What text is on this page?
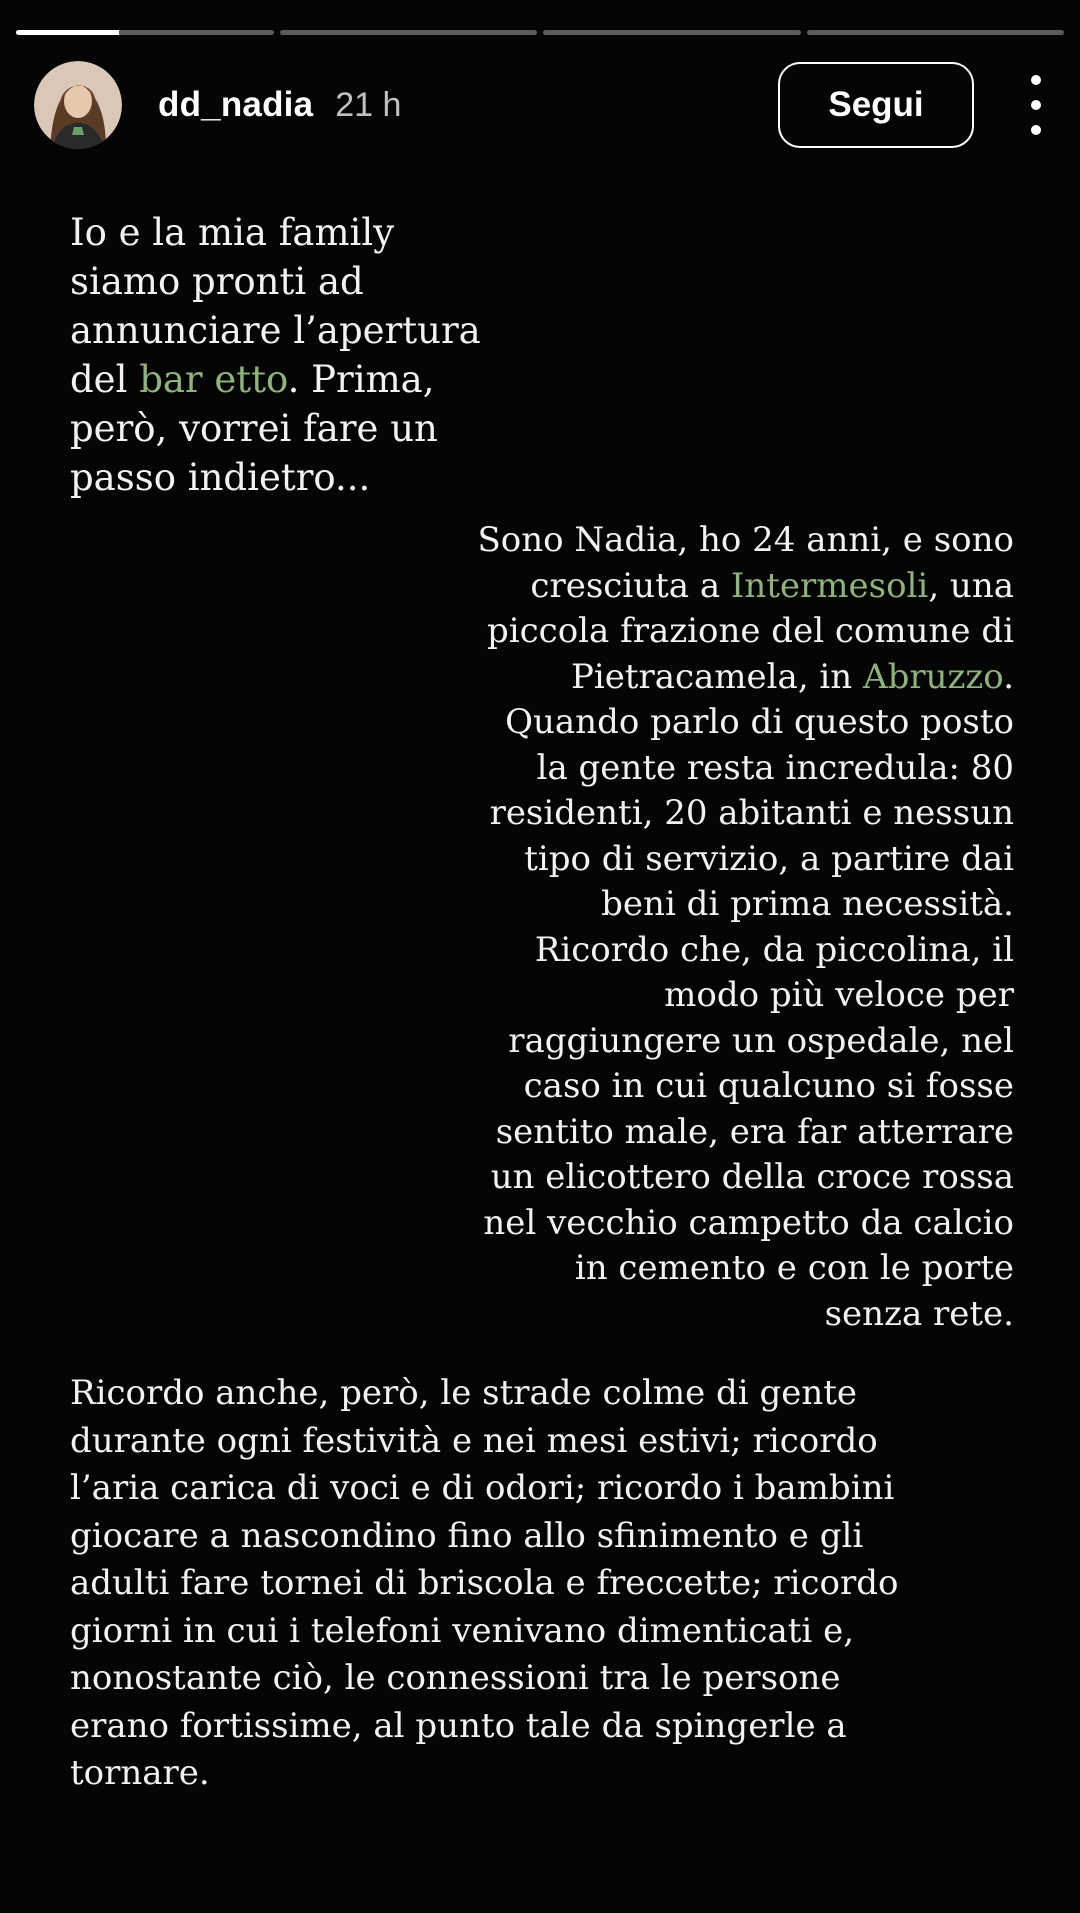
dd_nadia 21 h	Segui
Io e la mia family siamo pronti ad annunciare l’apertura del bar etto. Prima, però, vorrei fare un passo indietro...
Sono Nadia, ho 24 anni, e sono cresciuta a Intermesoli, una piccola frazione del comune di Pietracamela, in Abruzzo. Quando parlo di questo posto la gente resta incredula: 80 residenti, 20 abitanti e nessun tipo di servizio, a partire dai beni di prima necessità. Ricordo che, da piccolina, il modo più veloce per raggiungere un ospedale, nel caso in cui qualcuno si fosse sentito male, era far atterrare un elicottero della croce rossa nel vecchio campetto da calcio in cemento e con le porte senza rete.
Ricordo anche, però, le strade colme di gente durante ogni festività e nei mesi estivi; ricordo l’aria carica di voci e di odori; ricordo i bambini giocare a nascondino fino allo sfinimento e gli adulti fare tornei di briscola e freccette; ricordo giorni in cui i telefoni venivano dimenticati e, nonostante ciò, le connessioni tra le persone erano fortissime, al punto tale da spingerle a tornare.
